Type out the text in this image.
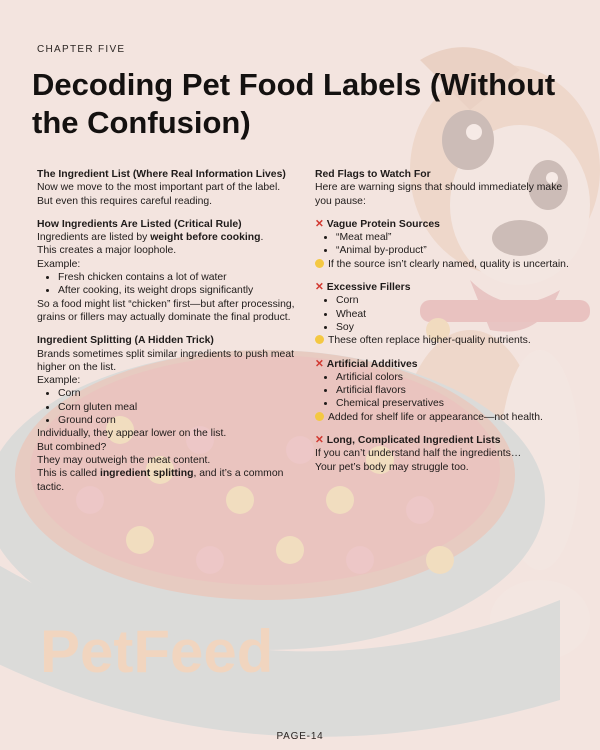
PetFeed
CHAPTER FIVE
Decoding Pet Food Labels (Without the Confusion)

The Ingredient List (Where Real Information Lives)

Now we move to the most important part of the label.

But even this requires careful reading.

How Ingredients Are Listed (Critical Rule)

Ingredients are listed by weight before cooking.

This creates a major loophole.

Example:

• Fresh chicken contains a lot of water
• After cooking, its weight drops significantly

So a food might list “chicken” first—but after processing, grains or fillers may actually dominate the final product.

Ingredient Splitting (A Hidden Trick)

Brands sometimes split similar ingredients to push meat higher on the list.

Example:

• Corn
• Corn gluten meal
• Ground corn

Individually, they appear lower on the list.

But combined?

They may outweigh the meat content.

This is called ingredient splitting, and it’s a common tactic.

Red Flags to Watch For

Here are warning signs that should immediately make you pause:

✕ Vague Protein Sources

• “Meat meal”
• “Animal by-product”

If the source isn’t clearly named, quality is uncertain.

✕ Excessive Fillers

• Corn
• Wheat
• Soy

These often replace higher-quality nutrients.

✕ Artificial Additives

• Artificial colors
• Artificial flavors
• Chemical preservatives

Added for shelf life or appearance—not health.

✕ Long, Complicated Ingredient Lists

If you can’t understand half the ingredients…

Your pet’s body may struggle too.

PAGE-14
